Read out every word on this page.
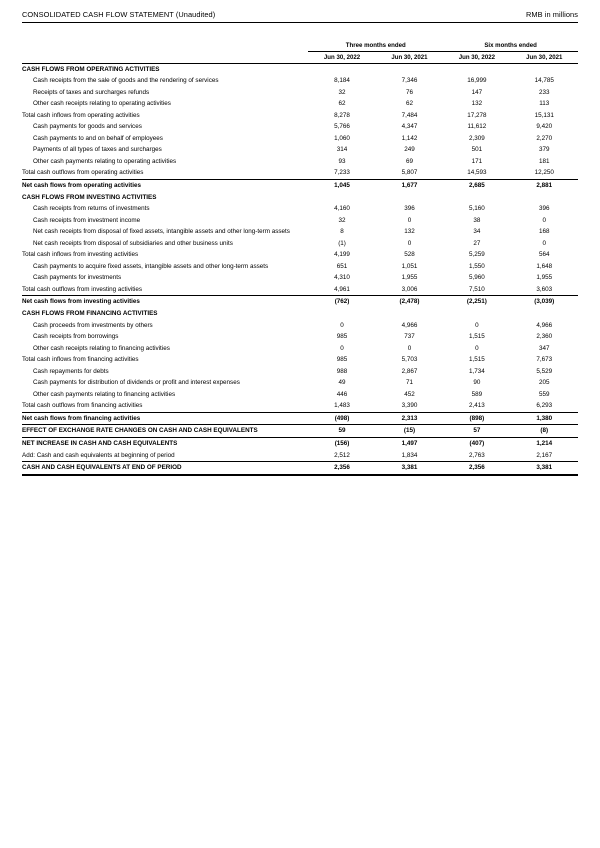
CONSOLIDATED CASH FLOW STATEMENT (Unaudited)	RMB in millions
	Three months ended		Six months ended	
	Jun 30, 2022	Jun 30, 2021	Jun 30, 2022	Jun 30, 2021
CASH FLOWS FROM OPERATING ACTIVITIES				
Cash receipts from the sale of goods and the rendering of services	8,184	7,346	16,999	14,785
Receipts of taxes and surcharges refunds	32	76	147	233
Other cash receipts relating to operating activities	62	62	132	113
Total cash inflows from operating activities	8,278	7,484	17,278	15,131
Cash payments for goods and services	5,766	4,347	11,612	9,420
Cash payments to and on behalf of employees	1,060	1,142	2,309	2,270
Payments of all types of taxes and surcharges	314	249	501	379
Other cash payments relating to operating activities	93	69	171	181
Total cash outflows from operating activities	7,233	5,807	14,593	12,250
Net cash flows from operating activities	1,045	1,677	2,685	2,881
CASH FLOWS FROM INVESTING ACTIVITIES				
Cash receipts from returns of investments	4,160	396	5,160	396
Cash receipts from investment income	32	0	38	0
Net cash receipts from disposal of fixed assets, intangible assets and other long-term assets	8	132	34	168
Net cash receipts from disposal of subsidiaries and other business units	(1)	0	27	0
Total cash inflows from investing activities	4,199	528	5,259	564
Cash payments to acquire fixed assets, intangible assets and other long-term assets	651	1,051	1,550	1,648
Cash payments for investments	4,310	1,955	5,960	1,955
Total cash outflows from investing activities	4,961	3,006	7,510	3,603
Net cash flows from investing activities	(762)	(2,478)	(2,251)	(3,039)
CASH FLOWS FROM FINANCING ACTIVITIES				
Cash proceeds from investments by others	0	4,966	0	4,966
Cash receipts from borrowings	985	737	1,515	2,360
Other cash receipts relating to financing activities	0	0	0	347
Total cash inflows from financing activities	985	5,703	1,515	7,673
Cash repayments for debts	988	2,867	1,734	5,529
Cash payments for distribution of dividends or profit and interest expenses	49	71	90	205
Other cash payments relating to financing activities	446	452	589	559
Total cash outflows from financing activities	1,483	3,390	2,413	6,293
Net cash flows from financing activities	(498)	2,313	(898)	1,380
EFFECT OF EXCHANGE RATE CHANGES ON CASH AND CASH EQUIVALENTS	59	(15)	57	(8)
NET INCREASE IN CASH AND CASH EQUIVALENTS	(156)	1,497	(407)	1,214
Add: Cash and cash equivalents at beginning of period	2,512	1,834	2,763	2,167
CASH AND CASH EQUIVALENTS AT END OF PERIOD	2,356	3,381	2,356	3,381
